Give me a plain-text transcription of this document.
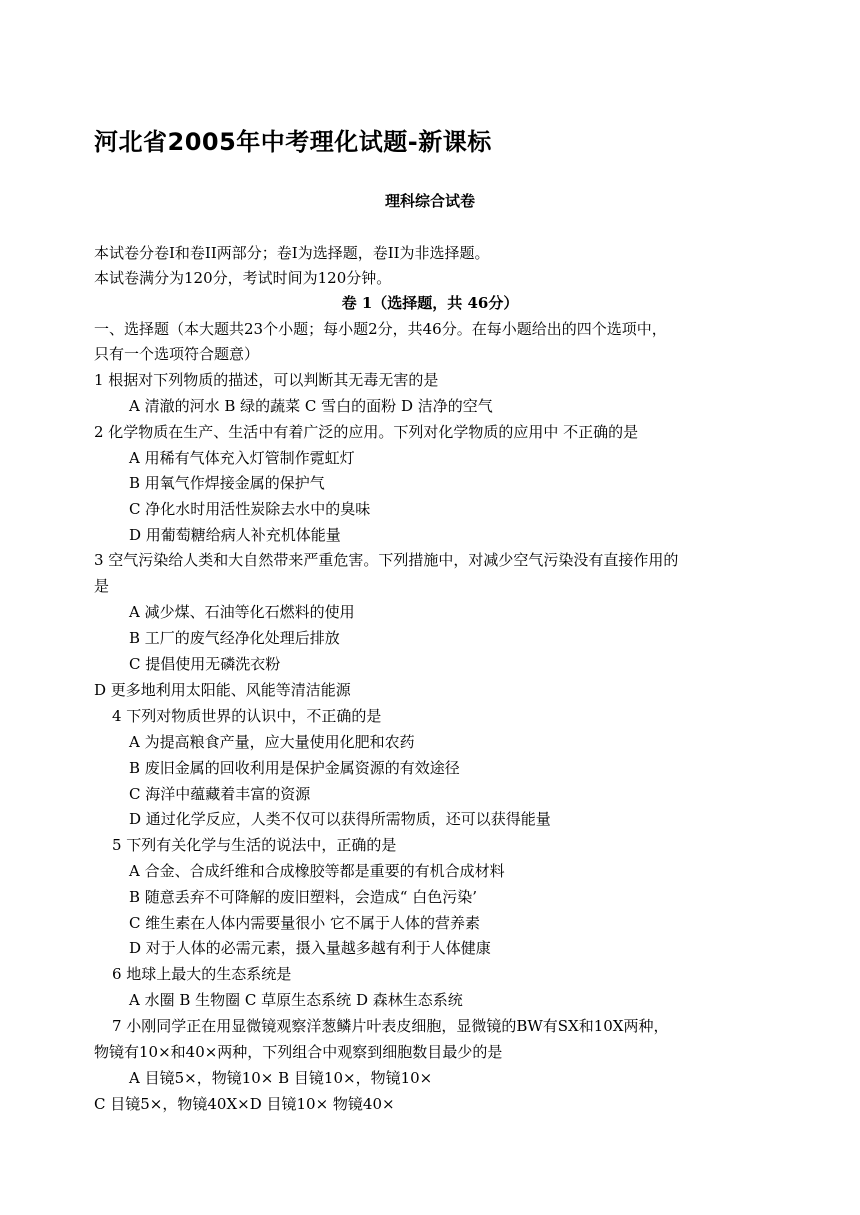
河北省2005年中考理化试题-新课标
理科综合试卷
本试卷分卷I和卷II两部分；卷I为选择题，卷II为非选择题。
本试卷满分为120分，考试时间为120分钟。
卷 1（选择题，共 46分）
一、选择题（本大题共23个小题；每小题2分，共46分。在每小题给出的四个选项中，
只有一个选项符合题意）
1 根据对下列物质的描述，可以判断其无毒无害的是
A 清澈的河水 B 绿的蔬菜 C 雪白的面粉 D 洁净的空气
2 化学物质在生产、生活中有着广泛的应用。下列对化学物质的应用中 不正确的是
A 用稀有气体充入灯管制作霓虹灯
B 用氧气作焊接金属的保护气
C 净化水时用活性炭除去水中的臭味
D 用葡萄糖给病人补充机体能量
3 空气污染给人类和大自然带来严重危害。下列措施中，对减少空气污染没有直接作用的
是
A 减少煤、石油等化石燃料的使用
B 工厂的废气经净化处理后排放
C 提倡使用无磷洗衣粉
D 更多地利用太阳能、风能等清洁能源
4 下列对物质世界的认识中，不正确的是
A 为提高粮食产量，应大量使用化肥和农药
B 废旧金属的回收利用是保护金属资源的有效途径
C 海洋中蕴藏着丰富的资源
D 通过化学反应，人类不仅可以获得所需物质，还可以获得能量
5 下列有关化学与生活的说法中，正确的是
A 合金、合成纤维和合成橡胶等都是重要的有机合成材料
B 随意丢弃不可降解的废旧塑料，会造成“ 白色污染’
C 维生素在人体内需要量很小 它不属于人体的营养素
D 对于人体的必需元素，摄入量越多越有利于人体健康
6 地球上最大的生态系统是
A 水圈 B 生物圈 C 草原生态系统 D 森林生态系统
7 小刚同学正在用显微镜观察洋葱鳞片叶表皮细胞，显微镜的BW有SX和10X两种，
物镜有10×和40×两种，下列组合中观察到细胞数目最少的是
A 目镜5×，物镜10× B 目镜10×，物镜10×
C 目镜5×，物镜40X×D 目镜10× 物镜40×
